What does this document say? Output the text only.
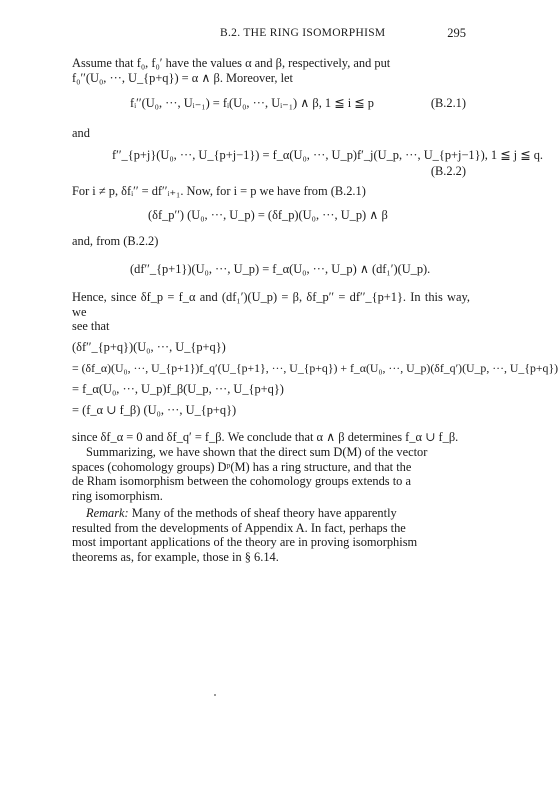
B.2. THE RING ISOMORPHISM	295
Assume that f₀, f₀′ have the values α and β, respectively, and put
f₀′′(U₀, ···, U_{p+q}) = α ∧ β. Moreover, let
fᵢ′′(U₀, ···, Uᵢ₋₁) = fᵢ(U₀, ···, Uᵢ₋₁) ∧ β, 1 ≦ i ≦ p	(B.2.1)
and
f′′_{p+j}(U₀, ···, U_{p+j−1}) = f_α(U₀, ···, U_p)f′_j(U_p, ···, U_{p+j−1}), 1 ≦ j ≦ q.
(B.2.2)
For i ≠ p, δfᵢ′′ = df′′ᵢ₊₁. Now, for i = p we have from (B.2.1)
(δf_p′′) (U₀, ···, U_p) = (δf_p)(U₀, ···, U_p) ∧ β
and, from (B.2.2)
(df′′_{p+1})(U₀, ···, U_p) = f_α(U₀, ···, U_p) ∧ (df₁′)(U_p).
Hence, since δf_p = f_α and (df₁′)(U_p) = β, δf_p′′ = df′′_{p+1}. In this way, we
see that
(δf′′_{p+q})(U₀, ···, U_{p+q})
= (δf_α)(U₀, ···, U_{p+1})f_q′(U_{p+1}, ···, U_{p+q}) + f_α(U₀, ···, U_p)(δf_q′)(U_p, ···, U_{p+q})
= f_α(U₀, ···, U_p)f_β(U_p, ···, U_{p+q})
= (f_α ∪ f_β) (U₀, ···, U_{p+q})
since δf_α = 0 and δf_q′ = f_β. We conclude that α ∧ β determines f_α ∪ f_β.
Summarizing, we have shown that the direct sum D(M) of the vector
spaces (cohomology groups) Dᵖ(M) has a ring structure, and that the
de Rham isomorphism between the cohomology groups extends to a
ring isomorphism.
Remark: Many of the methods of sheaf theory have apparently
resulted from the developments of Appendix A. In fact, perhaps the
most important applications of the theory are in proving isomorphism
theorems as, for example, those in § 6.14.
